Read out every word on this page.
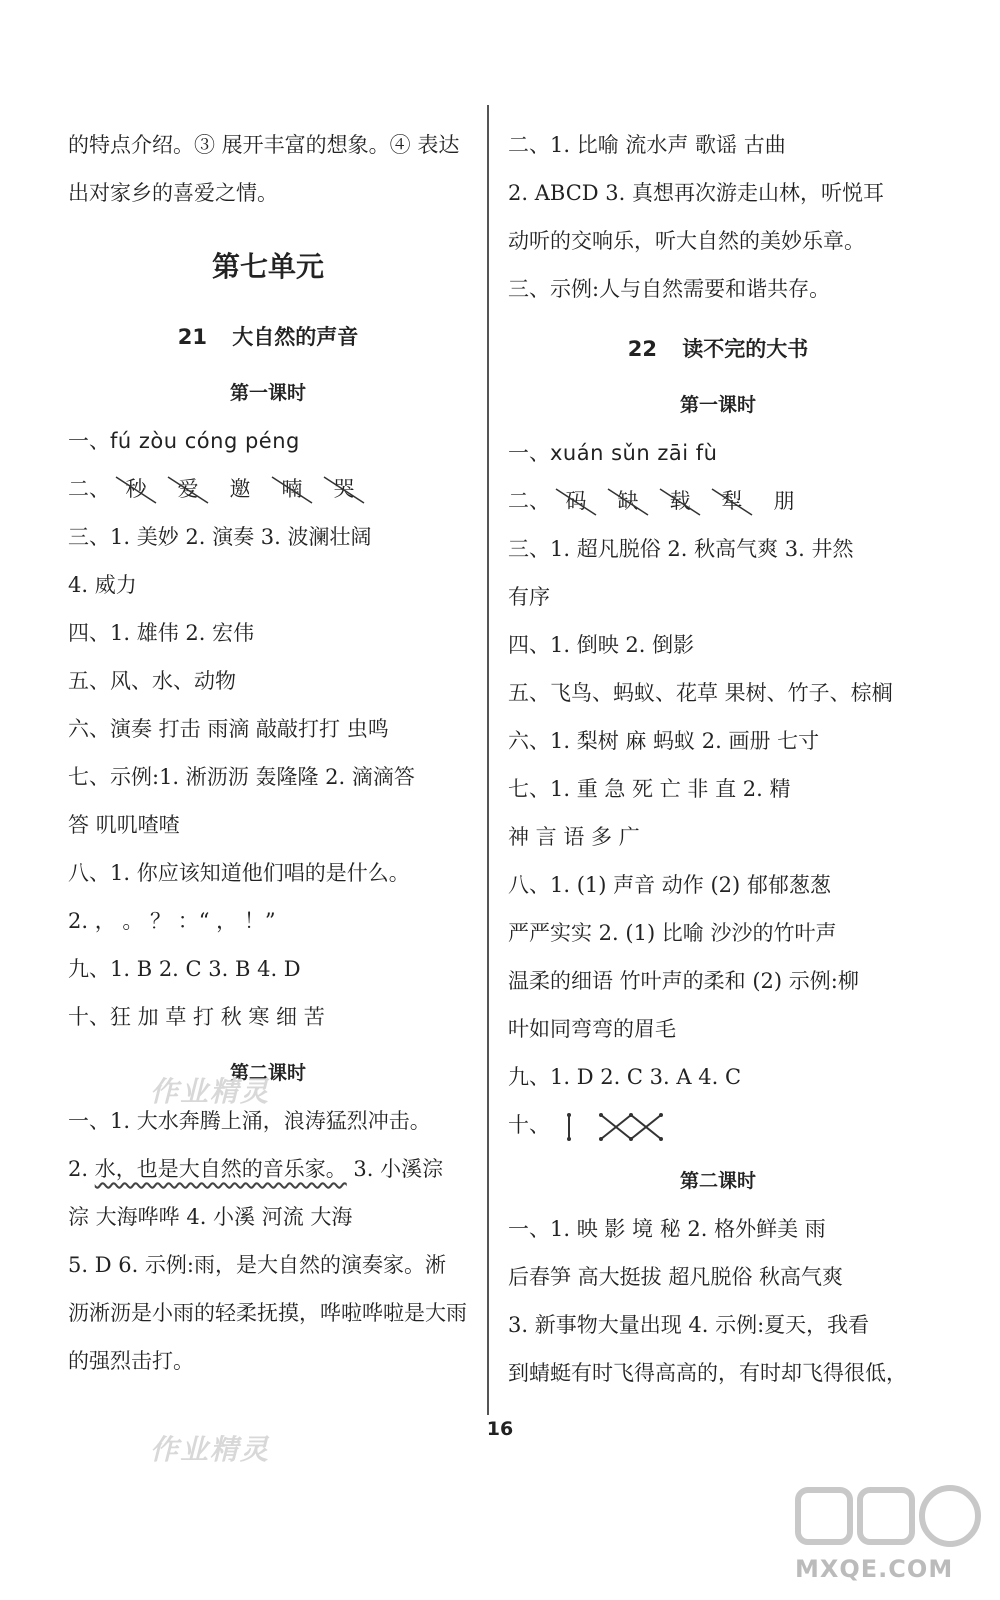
的特点介绍。③ 展开丰富的想象。④ 表达
出对家乡的喜爱之情。
第七单元
21 大自然的声音
第一课时
一、fú zòu cóng péng
二、 秒 爱 邀 喃 哭
三、1. 美妙 2. 演奏 3. 波澜壮阔
4. 威力
四、1. 雄伟 2. 宏伟
五、风、水、动物
六、演奏 打击 雨滴 敲敲打打 虫鸣
七、示例:1. 淅沥沥 轰隆隆 2. 滴滴答
答 叽叽喳喳
八、1. 你应该知道他们唱的是什么。
2. ， 。 ？ ：“ ， ！”
九、1. B 2. C 3. B 4. D
十、狂 加 草 打 秋 寒 细 苦
第二课时
一、1. 大水奔腾上涌，浪涛猛烈冲击。
2. 水，也是大自然的音乐家。 3. 小溪淙
淙 大海哗哗 4. 小溪 河流 大海
5. D 6. 示例:雨，是大自然的演奏家。淅
沥淅沥是小雨的轻柔抚摸，哗啦哗啦是大雨
的强烈击打。
二、1. 比喻 流水声 歌谣 古曲
2. ABCD 3. 真想再次游走山林，听悦耳
动听的交响乐，听大自然的美妙乐章。
三、示例:人与自然需要和谐共存。
22 读不完的大书
第一课时
一、xuán sǔn zāi fù
二、 码 缺 载 犁 朋
三、1. 超凡脱俗 2. 秋高气爽 3. 井然
有序
四、1. 倒映 2. 倒影
五、飞鸟、蚂蚁、花草 果树、竹子、棕榈
六、1. 梨树 麻 蚂蚁 2. 画册 七寸
七、1. 重 急 死 亡 非 直 2. 精
神 言 语 多 广
八、1. (1) 声音 动作 (2) 郁郁葱葱
严严实实 2. (1) 比喻 沙沙的竹叶声
温柔的细语 竹叶声的柔和 (2) 示例:柳
叶如同弯弯的眉毛
九、1. D 2. C 3. A 4. C
十、
第二课时
一、1. 映 影 境 秘 2. 格外鲜美 雨
后春笋 高大挺拔 超凡脱俗 秋高气爽
3. 新事物大量出现 4. 示例:夏天，我看
到蜻蜓有时飞得高高的，有时却飞得很低，
16
作业精灵
作业精灵
MXQE.COM
